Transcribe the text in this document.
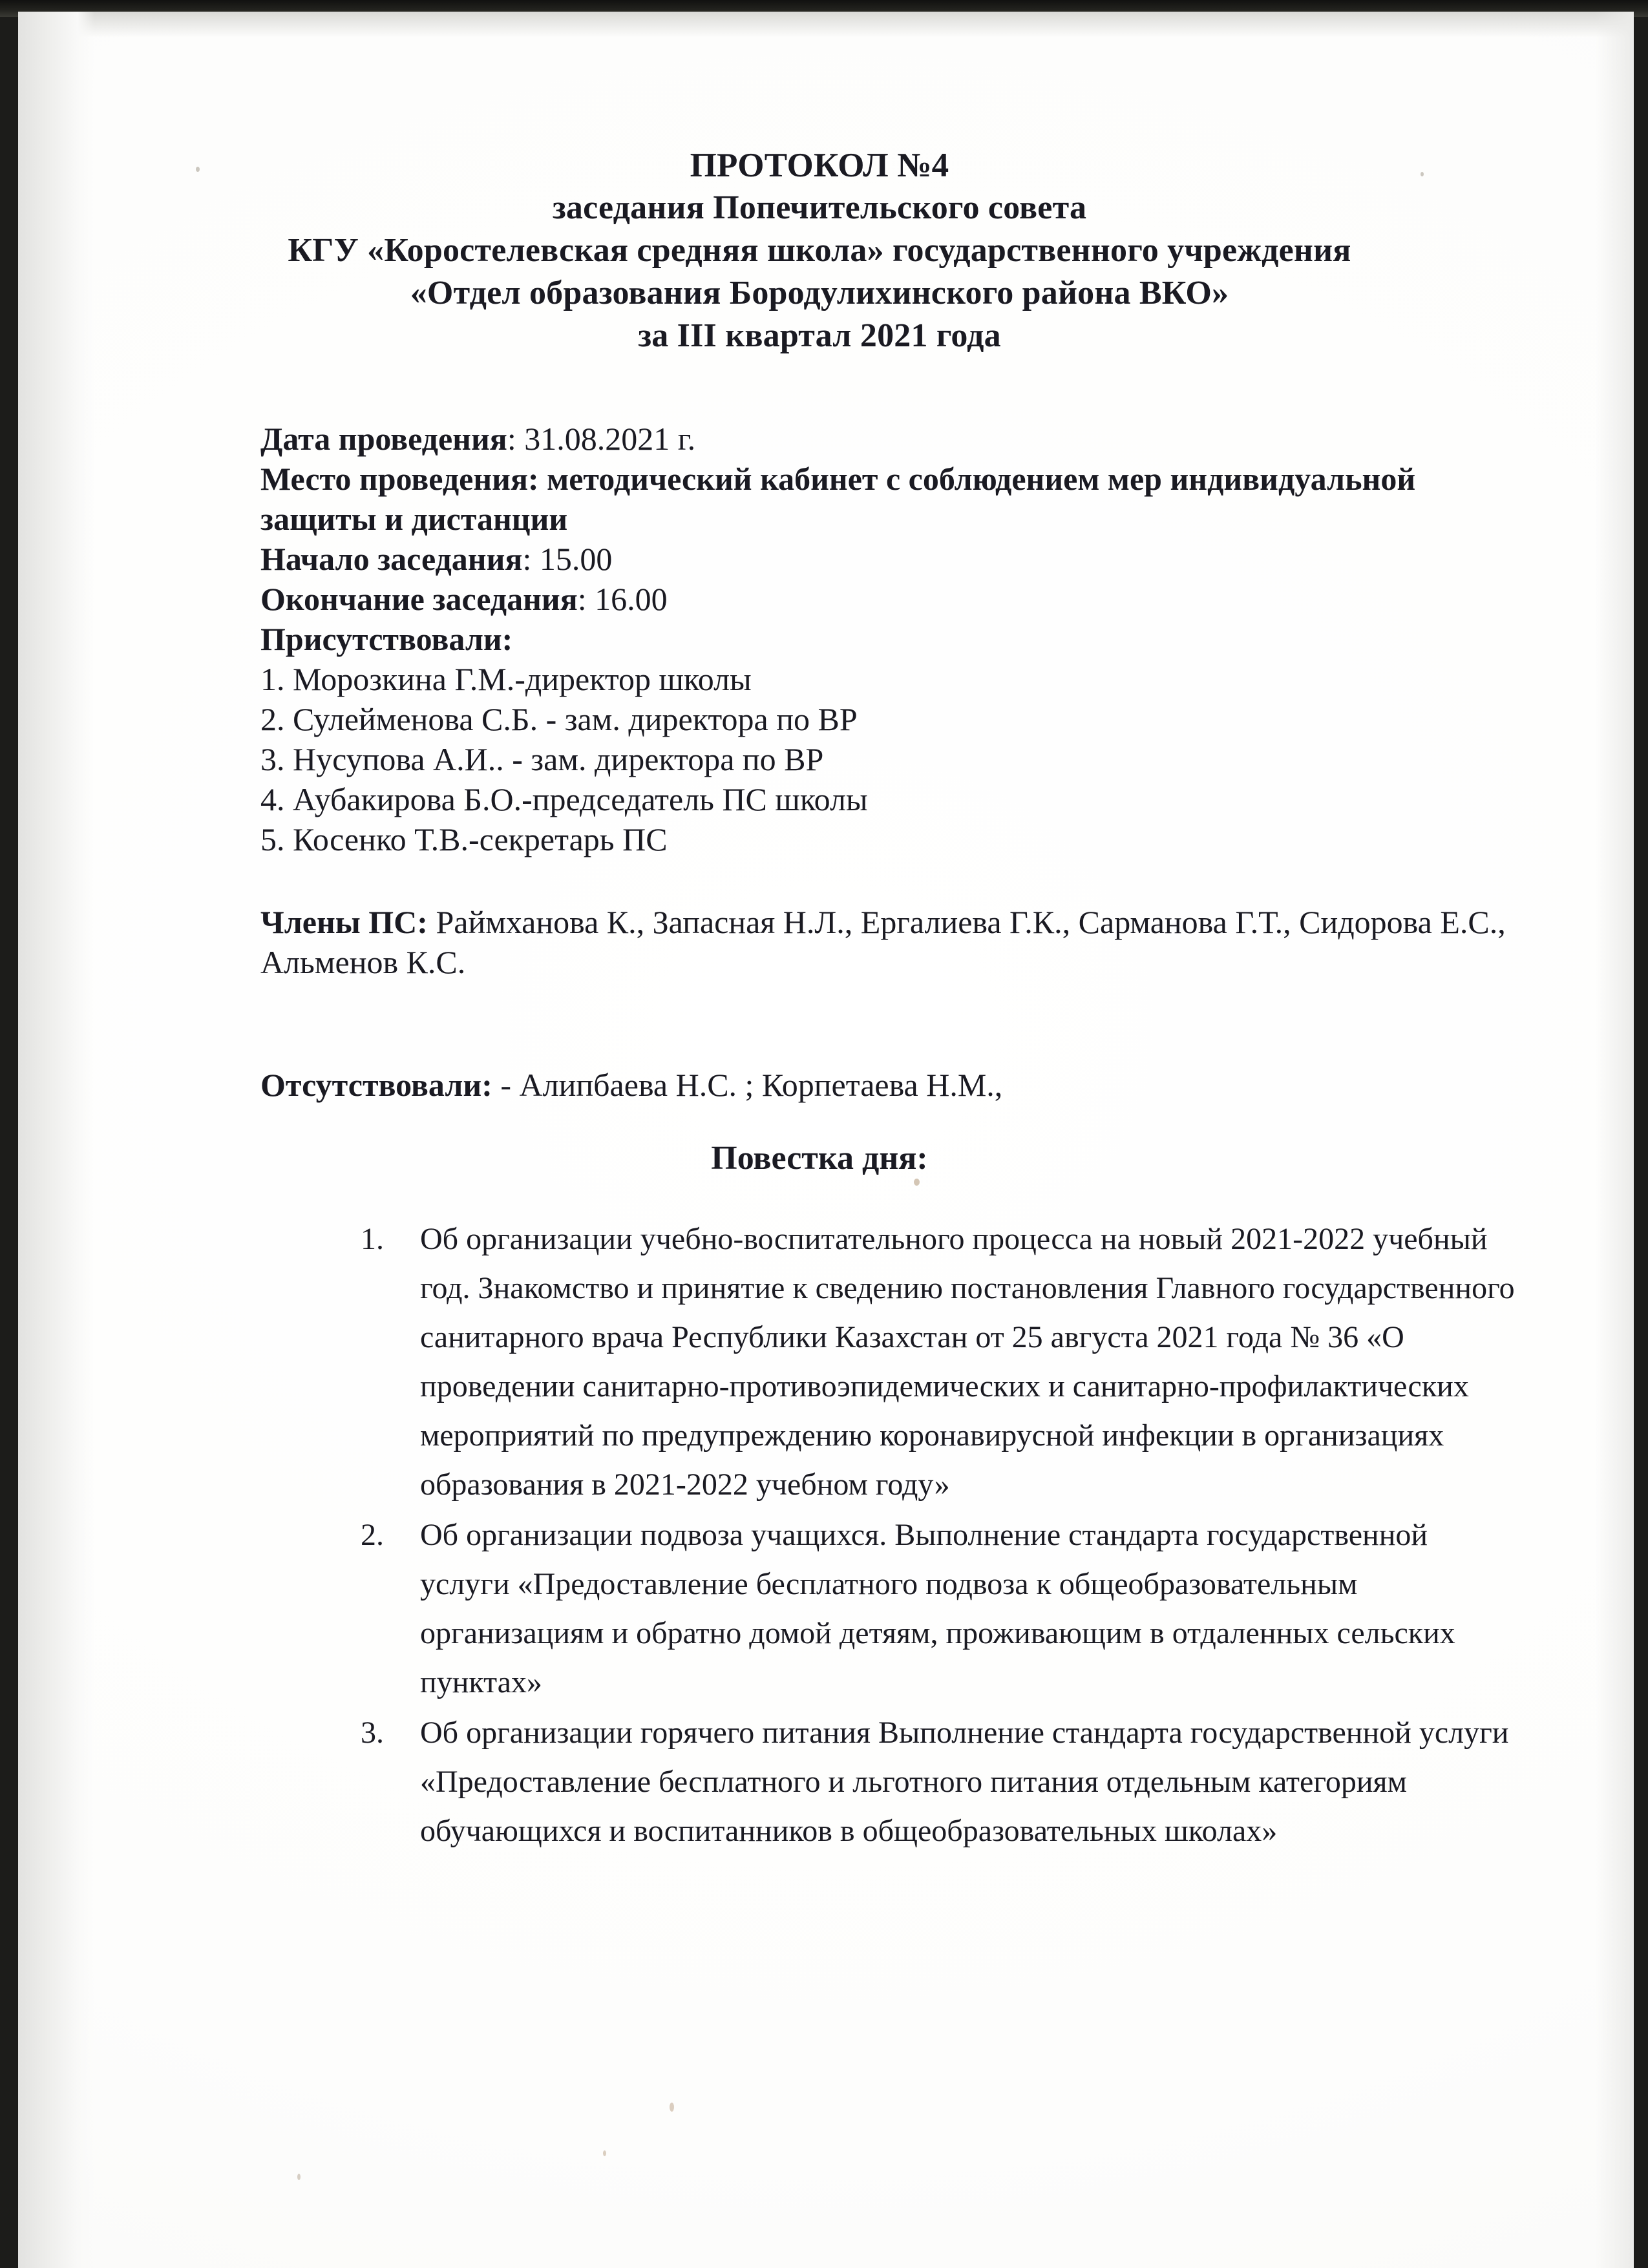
ПРОТОКОЛ №4
заседания Попечительского совета
КГУ «Коростелевская средняя школа» государственного учреждения
«Отдел образования Бородулихинского района ВКО»
за III квартал 2021 года
Дата проведения: 31.08.2021 г.
Место проведения: методический кабинет с соблюдением мер индивидуальной защиты и дистанции
Начало заседания: 15.00
Окончание заседания: 16.00
Присутствовали:
1. Морозкина Г.М.-директор школы
2. Сулейменова С.Б. - зам. директора по ВР
3. Нусупова А.И.. - зам. директора по ВР
4. Аубакирова Б.О.-председатель ПС школы
5. Косенко Т.В.-секретарь ПС
Члены ПС: Раймханова К., Запасная Н.Л., Ергалиева Г.К., Сарманова Г.Т., Сидорова Е.С., Альменов К.С.
Отсутствовали: - Алипбаева Н.С. ; Корпетаева Н.М.,
Повестка дня:
1.	Об организации учебно-воспитательного процесса на новый 2021-2022 учебный год. Знакомство и принятие к сведению постановления Главного государственного санитарного врача Республики Казахстан от 25 августа 2021 года № 36 «О проведении санитарно-противоэпидемических и санитарно-профилактических мероприятий по предупреждению коронавирусной инфекции в организациях образования в 2021-2022 учебном году»
2.	Об организации подвоза учащихся. Выполнение стандарта государственной услуги «Предоставление бесплатного подвоза к общеобразовательным организациям и обратно домой детяям, проживающим в отдаленных сельских пунктах»
3.	Об организации горячего питания Выполнение стандарта государственной услуги «Предоставление бесплатного и льготного питания отдельным категориям обучающихся и воспитанников в общеобразовательных школах»
